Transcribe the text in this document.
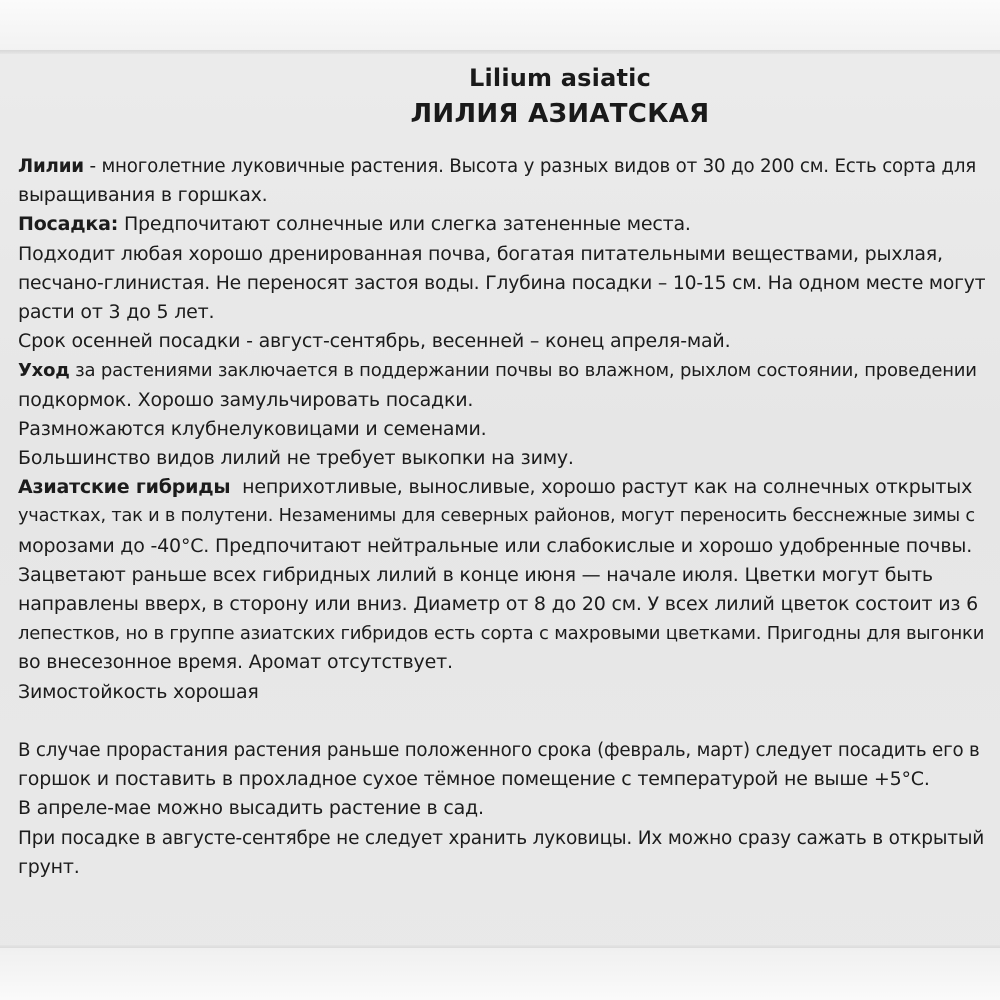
Lilium asiatic
ЛИЛИЯ АЗИАТСКАЯ
Лилии - многолетние луковичные растения. Высота у разных видов от 30 до 200 см. Есть сорта для
выращивания в горшках.
Посадка: Предпочитают солнечные или слегка затененные места.
Подходит любая хорошо дренированная почва, богатая питательными веществами, рыхлая,
песчано-глинистая. Не переносят застоя воды. Глубина посадки – 10-15 см. На одном месте могут
расти от 3 до 5 лет.
Срок осенней посадки - август-сентябрь, весенней – конец апреля-май.
Уход за растениями заключается в поддержании почвы во влажном, рыхлом состоянии, проведении
подкормок. Хорошо замульчировать посадки.
Размножаются клубнелуковицами и семенами.
Большинство видов лилий не требует выкопки на зиму.
Азиатские гибриды  неприхотливые, выносливые, хорошо растут как на солнечных открытых
участках, так и в полутени. Незаменимы для северных районов, могут переносить бесснежные зимы с
морозами до -40°С. Предпочитают нейтральные или слабокислые и хорошо удобренные почвы.
Зацветают раньше всех гибридных лилий в конце июня — начале июля. Цветки могут быть
направлены вверх, в сторону или вниз. Диаметр от 8 до 20 см. У всех лилий цветок состоит из 6
лепестков, но в группе азиатских гибридов есть сорта с махровыми цветками. Пригодны для выгонки
во внесезонное время. Аромат отсутствует.
Зимостойкость хорошая
В случае прорастания растения раньше положенного срока (февраль, март) следует посадить его в
горшок и поставить в прохладное сухое тёмное помещение с температурой не выше +5°С.
В апреле-мае можно высадить растение в сад.
При посадке в августе-сентябре не следует хранить луковицы. Их можно сразу сажать в открытый
грунт.
